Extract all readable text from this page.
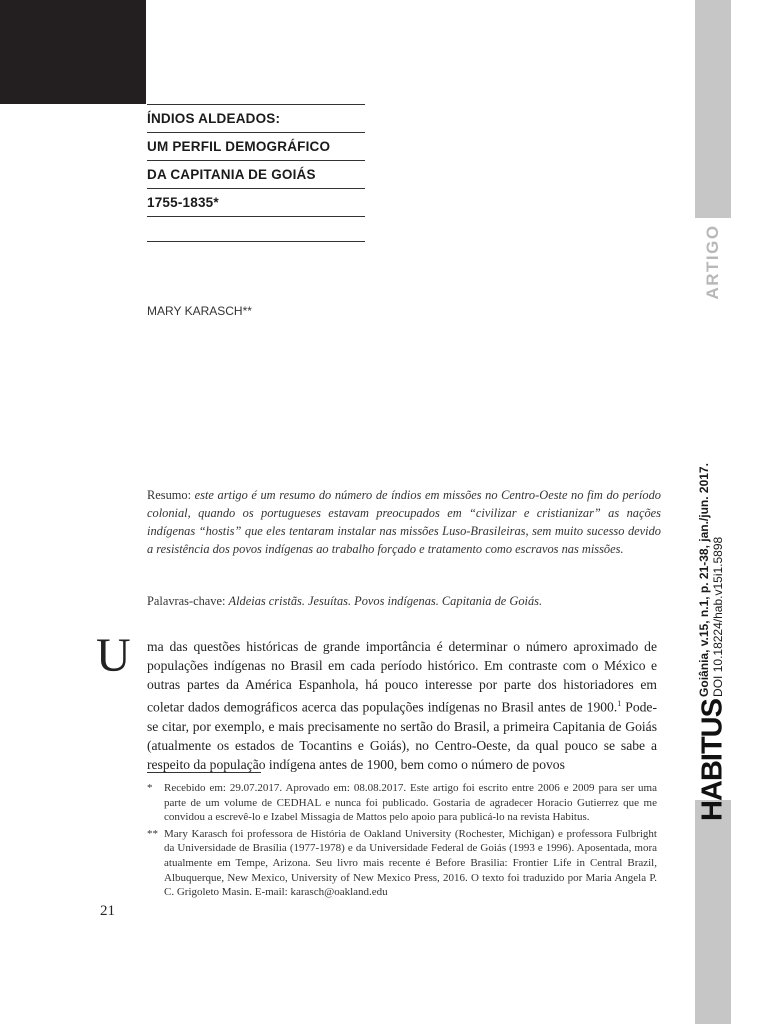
ÍNDIOS ALDEADOS:
UM PERFIL DEMOGRÁFICO
DA CAPITANIA DE GOIÁS
1755-1835*
MARY KARASCH**
Resumo: este artigo é um resumo do número de índios em missões no Centro-Oeste no fim do período colonial, quando os portugueses estavam preocupados em “civilizar e cristianizar” as nações indígenas “hostis” que eles tentaram instalar nas missões Luso-Brasileiras, sem muito sucesso devido a resistência dos povos indígenas ao trabalho forçado e tratamento como escravos nas missões.
Palavras-chave: Aldeias cristãs. Jesuítas. Povos indígenas. Capitania de Goiás.
U ma das questões históricas de grande importância é determinar o número aproximado de populações indígenas no Brasil em cada período histórico. Em contraste com o México e outras partes da América Espanhola, há pouco interesse por parte dos historiadores em coletar dados demográficos acerca das populações indígenas no Brasil antes de 1900.$^1$ Pode-se citar, por exemplo, e mais precisamente no sertão do Brasil, a primeira Capitania de Goiás (atualmente os estados de Tocantins e Goiás), no Centro-Oeste, da qual pouco se sabe a respeito da população indígena antes de 1900, bem como o número de povos
* Recebido em: 29.07.2017. Aprovado em: 08.08.2017. Este artigo foi escrito entre 2006 e 2009 para ser uma parte de um volume de CEDHAL e nunca foi publicado. Gostaria de agradecer Horacio Gutierrez que me convidou a escrevê-lo e Izabel Missagia de Mattos pelo apoio para publicá-lo na revista Habitus.
** Mary Karasch foi professora de História de Oakland University (Rochester, Michigan) e professora Fulbright da Universidade de Brasília (1977-1978) e da Universidade Federal de Goiás (1993 e 1996). Aposentada, mora atualmente em Tempe, Arizona. Seu livro mais recente é Before Brasilia: Frontier Life in Central Brazil, Albuquerque, New Mexico, University of New Mexico Press, 2016. O texto foi traduzido por Maria Angela P. C. Grigoleto Masin. E-mail: karasch@oakland.edu
21
ARTIGO
Goiânia, v.15, n.1, p. 21-38, jan./jun. 2017. DOI 10.18224/hab.v15i1.5898
HABITUS
